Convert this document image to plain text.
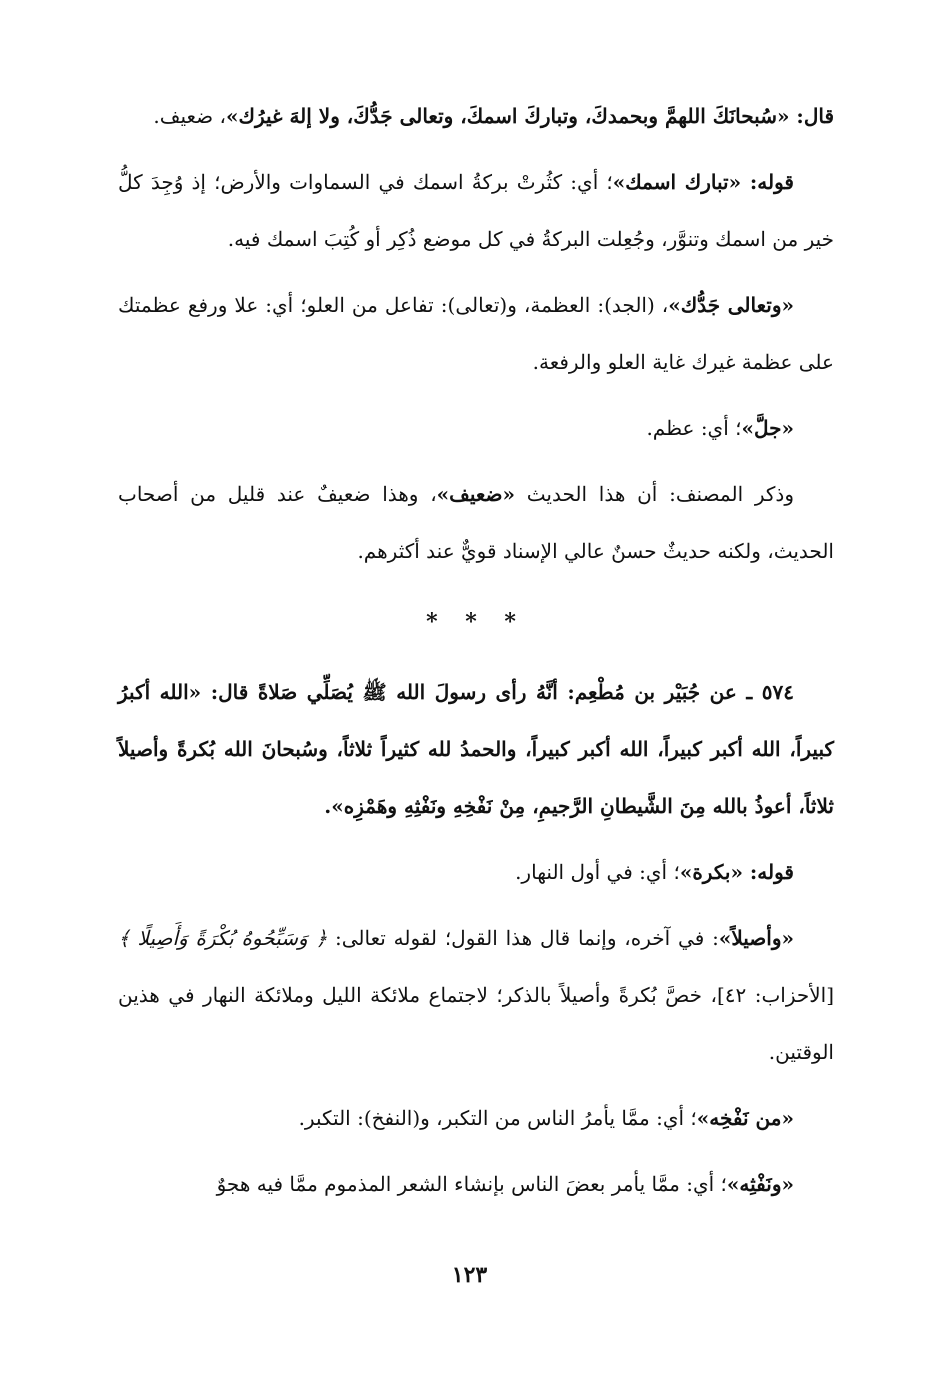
قال: «سُبحانَكَ اللهمَّ وبحمدكَ، وتباركَ اسمكَ، وتعالى جَدُّكَ، ولا إلهَ غيرُك»، ضعيف.

قوله: «تبارك اسمك»؛ أي: كثُرتْ بركةُ اسمك في السماوات والأرض؛ إذ وُجِدَ كلُّ خير من اسمك وتنوَّر، وجُعِلت البركةُ في كل موضع ذُكِر أو كُتِبَ اسمك فيه.

«وتعالى جَدُّك»، (الجد): العظمة، و(تعالى): تفاعل من العلو؛ أي: علا ورفع عظمتك على عظمة غيرك غاية العلو والرفعة.

«جلَّ»؛ أي: عظم.

وذكر المصنف: أن هذا الحديث «ضعيف»، وهذا ضعيفٌ عند قليل من أصحاب الحديث، ولكنه حديثٌ حسنٌ عالي الإسناد قويٌّ عند أكثرهم.

* * *

٥٧٤ ـ عن جُبَيْر بن مُطْعِم: أنَّهُ رأى رسولَ الله ﷺ يُصَلِّي صَلاةً قال: «الله أكبرُ كبيراً، الله أكبر كبيراً، الله أكبر كبيراً، والحمدُ لله كثيراً ثلاثاً، وسُبحانَ الله بُكرةً وأصيلاً ثلاثاً، أعوذُ بالله مِنَ الشَّيطانِ الرَّجيمِ، مِنْ نَفْخِهِ ونَفْثِهِ وهَمْزِه».

قوله: «بكرة»؛ أي: في أول النهار.

«وأصيلاً»: في آخره، وإنما قال هذا القول؛ لقوله تعالى: ﴿ وَسَبِّحُوهُ بُكْرَةً وَأَصِيلًا ﴾[الأحزاب: ٤٢]، خصَّ بُكرةً وأصيلاً بالذكر؛ لاجتماع ملائكة الليل وملائكة النهار في هذين الوقتين.

«من نَفْخِه»؛ أي: ممَّا يأمرُ الناس من التكبر، و(النفخ): التكبر.

«ونَفْثِه»؛ أي: ممَّا يأمر بعضَ الناس بإنشاء الشعر المذموم ممَّا فيه هجوٌ

١٢٣
